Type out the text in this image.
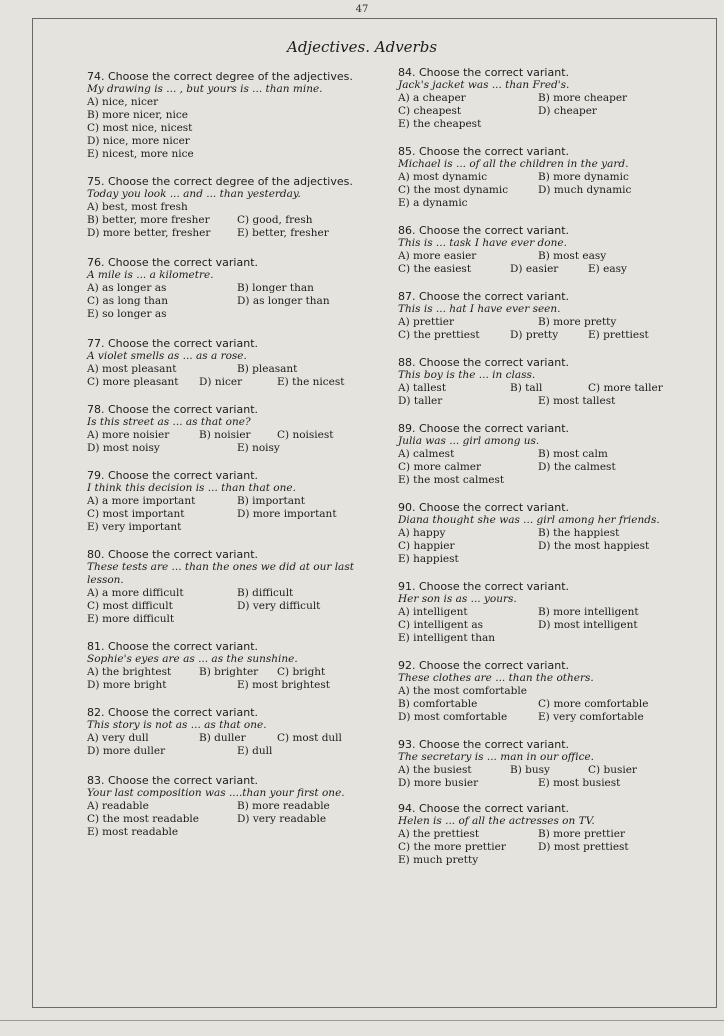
47
Adjectives. Adverbs
74. Choose the correct degree of the adjectives.
My drawing is ... , but yours is ... than mine.
A) nice, nicer
B) more nicer, nice
C) most nice, nicest
D) nice, more nicer
E) nicest, more nice
75. Choose the correct degree of the adjectives.
Today you look ... and ... than yesterday.
A) best, most fresh
B) better, more fresher	C) good, fresh
D) more better, fresher	E) better, fresher
76. Choose the correct variant.
A mile is ... a kilometre.
A) as longer as	B) longer than
C) as long than	D) as longer than
E) so longer as
77. Choose the correct variant.
A violet smells as ... as a rose.
A) most pleasant	B) pleasant
C) more pleasant D) nicer	E) the nicest
78. Choose the correct variant.
Is this street as ... as that one?
A) more noisier	B) noisier	C) noisiest
D) most noisy	E) noisy
79. Choose the correct variant.
I think this decision is ... than that one.
A) a more important	B) important
C) most important	D) more important
E) very important
80. Choose the correct variant.
These tests are ... than the ones we did at our last lesson.
A) a more difficult	B) difficult
C) most difficult	D) very difficult
E) more difficult
81. Choose the correct variant.
Sophie's eyes are as ... as the sunshine.
A) the brightest	B) brighter C) bright
D) more bright	E) most brightest
82. Choose the correct variant.
This story is not as ... as that one.
A) very dull	B) duller	C) most dull
D) more duller	E) dull
83. Choose the correct variant.
Your last composition was ....than your first one.
A) readable	B) more readable
C) the most readable	D) very readable
E) most readable
84. Choose the correct variant.
Jack's jacket was ... than Fred's.
A) a cheaper	B) more cheaper
C) cheapest	D) cheaper
E) the cheapest
85. Choose the correct variant.
Michael is ... of all the children in the yard.
A) most dynamic	B) more dynamic
C) the most dynamic	D) much dynamic
E) a dynamic
86. Choose the correct variant.
This is ... task I have ever done.
A) more easier	B) most easy
C) the easiest	D) easier	E) easy
87. Choose the correct variant.
This is ... hat I have ever seen.
A) prettier	B) more pretty
C) the prettiest	D) pretty	E) prettiest
88. Choose the correct variant.
This boy is the ... in class.
A) tallest	B) tall	C) more taller
D) taller	E) most tallest
89. Choose the correct variant.
Julia was ... girl among us.
A) calmest	B) most calm
C) more calmer	D) the calmest
E) the most calmest
90. Choose the correct variant.
Diana thought she was ... girl among her friends.
A) happy	B) the happiest
C) happier	D) the most happiest
E) happiest
91. Choose the correct variant.
Her son is as ... yours.
A) intelligent	B) more intelligent
C) intelligent as	D) most intelligent
E) intelligent than
92. Choose the correct variant.
These clothes are ... than the others.
A) the most comfortable
B) comfortable	C) more comfortable
D) most comfortable	E) very comfortable
93. Choose the correct variant.
The secretary is ... man in our office.
A) the busiest	B) busy	C) busier
D) more busier	E) most busiest
94. Choose the correct variant.
Helen is ... of all the actresses on TV.
A) the prettiest	B) more prettier
C) the more prettier	D) most prettiest
E) much pretty
